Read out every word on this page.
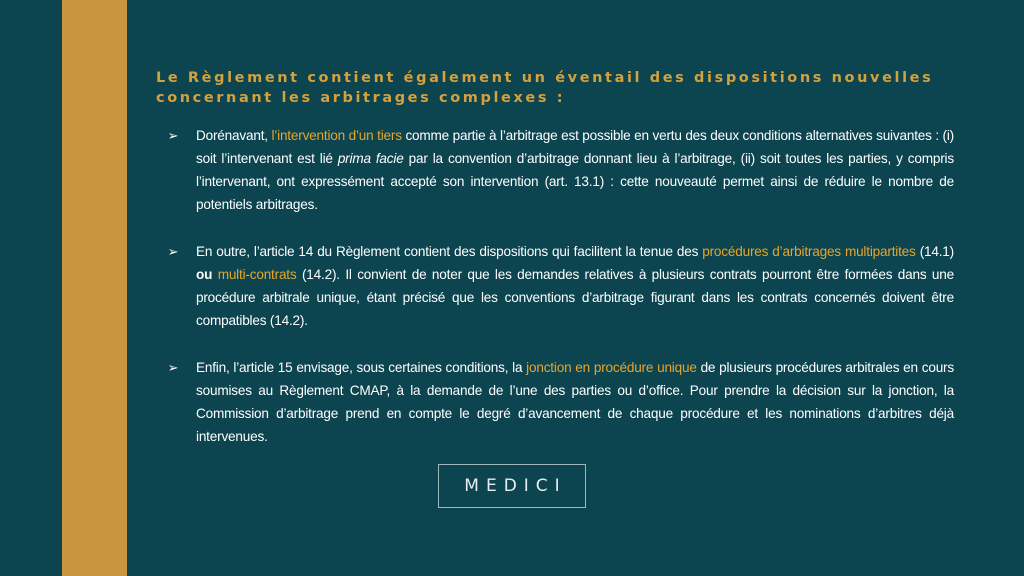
Le Règlement contient également un éventail des dispositions nouvelles
concernant les arbitrages complexes :
➢ Dorénavant, l’intervention d’un tiers comme partie à l’arbitrage est possible en vertu des deux conditions alternatives suivantes : (i) soit l’intervenant est lié prima facie par la convention d’arbitrage donnant lieu à l’arbitrage, (ii) soit toutes les parties, y compris l’intervenant, ont expressément accepté son intervention (art. 13.1) : cette nouveauté permet ainsi de réduire le nombre de potentiels arbitrages.
➢ En outre, l’article 14 du Règlement contient des dispositions qui facilitent la tenue des procédures d’arbitrages multipartites (14.1) ou multi-contrats (14.2). Il convient de noter que les demandes relatives à plusieurs contrats pourront être formées dans une procédure arbitrale unique, étant précisé que les conventions d’arbitrage figurant dans les contrats concernés doivent être compatibles (14.2).
➢ Enfin, l’article 15 envisage, sous certaines conditions, la jonction en procédure unique de plusieurs procédures arbitrales en cours soumises au Règlement CMAP, à la demande de l’une des parties ou d’office. Pour prendre la décision sur la jonction, la Commission d’arbitrage prend en compte le degré d’avancement de chaque procédure et les nominations d’arbitres déjà intervenues.
MEDICI
